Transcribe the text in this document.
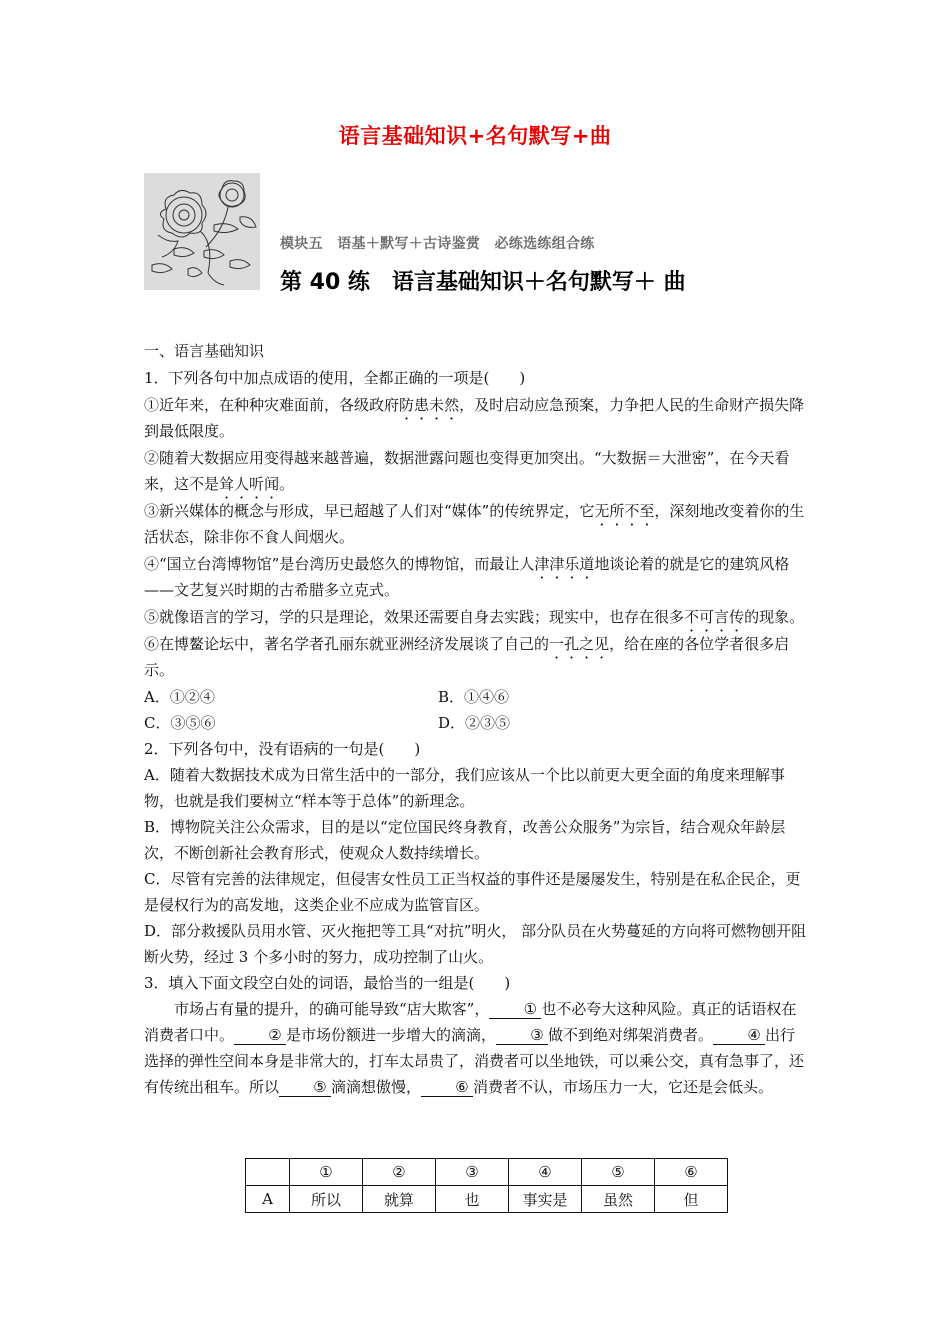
语言基础知识+名句默写+曲
模块五　语基＋默写＋古诗鉴赏　必练选练组合练
第 40 练　语言基础知识＋名句默写＋ 曲

一、语言基础知识

1．下列各句中加点成语的使用，全都正确的一项是(　　)

①近年来，在种种灾难面前，各级政府防患未然，及时启动应急预案，力争把人民的生命财产损失降到最低限度。

②随着大数据应用变得越来越普遍，数据泄露问题也变得更加突出。“大数据＝大泄密”，在今天看来，这不是耸人听闻。

③新兴媒体的概念与形成，早已超越了人们对“媒体”的传统界定，它无所不至，深刻地改变着你的生活状态，除非你不食人间烟火。

④“国立台湾博物馆”是台湾历史最悠久的博物馆，而最让人津津乐道地谈论着的就是它的建筑风格——文艺复兴时期的古希腊多立克式。

⑤就像语言的学习，学的只是理论，效果还需要自身去实践；现实中，也存在很多不可言传的现象。

⑥在博鳌论坛中，著名学者孔丽东就亚洲经济发展谈了自己的一孔之见，给在座的各位学者很多启示。

A．①②④	B．①④⑥

C．③⑤⑥	D．②③⑤

2．下列各句中，没有语病的一句是(　　)

A．随着大数据技术成为日常生活中的一部分，我们应该从一个比以前更大更全面的角度来理解事物，也就是我们要树立“样本等于总体”的新理念。

B．博物院关注公众需求，目的是以“定位国民终身教育，改善公众服务”为宗旨，结合观众年龄层次，不断创新社会教育形式，使观众人数持续增长。

C．尽管有完善的法律规定，但侵害女性员工正当权益的事件还是屡屡发生，特别是在私企民企，更是侵权行为的高发地，这类企业不应成为监管盲区。

D．部分救援队员用水管、灭火拖把等工具“对抗”明火， 部分队员在火势蔓延的方向将可燃物刨开阻断火势，经过 3 个多小时的努力，成功控制了山火。

3．填入下面文段空白处的词语，最恰当的一组是(　　)

市场占有量的提升，的确可能导致“店大欺客”， ① 也不必夸大这种风险。真正的话语权在消费者口中。 ② 是市场份额进一步增大的滴滴， ③ 做不到绝对绑架消费者。 ④ 出行选择的弹性空间本身是非常大的，打车太昂贵了，消费者可以坐地铁，可以乘公交，真有急事了，还有传统出租车。所以 ⑤ 滴滴想傲慢， ⑥ 消费者不认，市场压力一大，它还是会低头。

	①	②	③	④	⑤	⑥
A	所以	就算	也	事实是	虽然	但
